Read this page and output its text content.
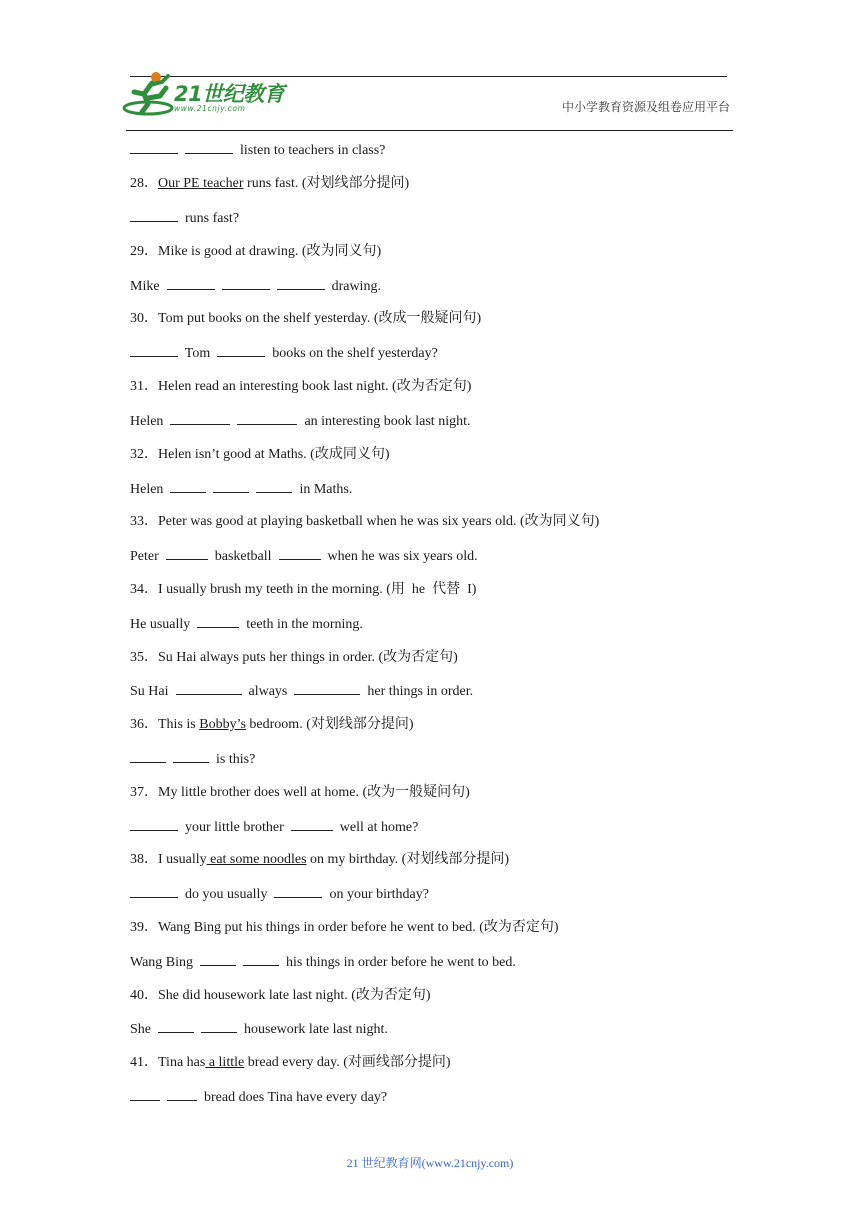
21世纪教育
www.21cnjy.com	中小学教育资源及组卷应用平台
listen to teachers in class?
28．Our PE teacher runs fast. (对划线部分提问)
runs fast?
29．Mike is good at drawing. (改为同义句)
Mike	drawing.
30．Tom put books on the shelf yesterday. (改成一般疑问句)
Tom	books on the shelf yesterday?
31．Helen read an interesting book last night. (改为否定句)
Helen	an interesting book last night.
32．Helen isn’t good at Maths. (改成同义句)
Helen	in Maths.
33．Peter was good at playing basketball when he was six years old. (改为同义句)
Peter	basketball	when he was six years old.
34．I usually brush my teeth in the morning. (用  he  代替  I)
He usually	teeth in the morning.
35．Su Hai always puts her things in order. (改为否定句)
Su Hai	always	her things in order.
36．This is Bobby’s bedroom. (对划线部分提问)
is this?
37．My little brother does well at home. (改为一般疑问句)
your little brother	well at home?
38．I usually eat some noodles on my birthday. (对划线部分提问)
do you usually	on your birthday?
39．Wang Bing put his things in order before he went to bed. (改为否定句)
Wang Bing	his things in order before he went to bed.
40．She did housework late last night. (改为否定句)
She	housework late last night.
41．Tina has a little bread every day. (对画线部分提问)
bread does Tina have every day?
21 世纪教育网(www.21cnjy.com)
